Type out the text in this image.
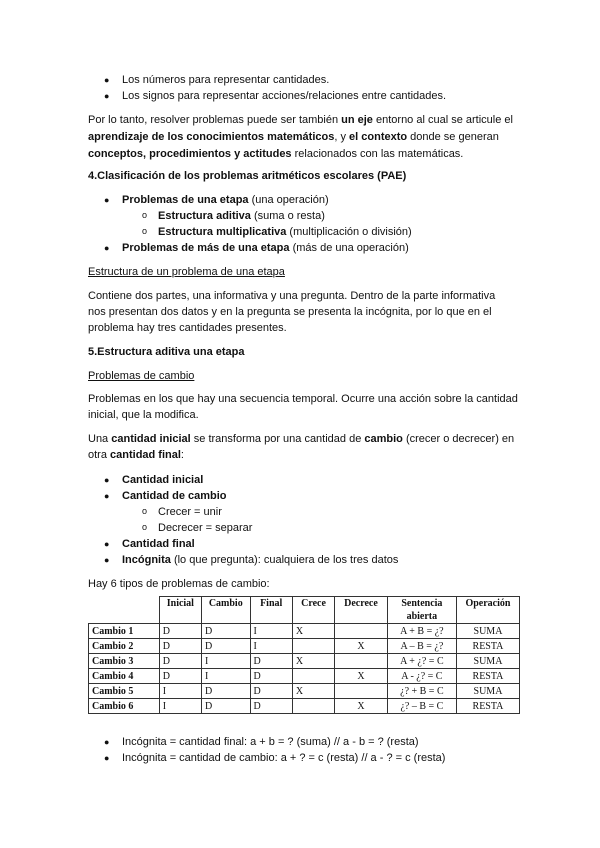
● Los números para representar cantidades.
● Los signos para representar acciones/relaciones entre cantidades.
Por lo tanto, resolver problemas puede ser también un eje entorno al cual se articule el
aprendizaje de los conocimientos matemáticos, y el contexto donde se generan
conceptos, procedimientos y actitudes relacionados con las matemáticas.
4.Clasificación de los problemas aritméticos escolares (PAE)
● Problemas de una etapa (una operación)
o Estructura aditiva (suma o resta)
o Estructura multiplicativa (multiplicación o división)
● Problemas de más de una etapa (más de una operación)
Estructura de un problema de una etapa
Contiene dos partes, una informativa y una pregunta. Dentro de la parte informativa
nos presentan dos datos y en la pregunta se presenta la incógnita, por lo que en el
problema hay tres cantidades presentes.
5.Estructura aditiva una etapa
Problemas de cambio
Problemas en los que hay una secuencia temporal. Ocurre una acción sobre la cantidad
inicial, que la modifica.
Una cantidad inicial se transforma por una cantidad de cambio (crecer o decrecer) en
otra cantidad final:
● Cantidad inicial
● Cantidad de cambio
o Crecer = unir
o Decrecer = separar
● Cantidad final
● Incógnita (lo que pregunta): cualquiera de los tres datos
Hay 6 tipos de problemas de cambio:
	Inicial	Cambio	Final	Crece	Decrece	Sentencia abierta	Operación
Cambio 1	D	D	I	X		A + B = ¿?	SUMA
Cambio 2	D	D	I		X	A – B = ¿?	RESTA
Cambio 3	D	I	D	X		A + ¿? = C	SUMA
Cambio 4	D	I	D		X	A - ¿? = C	RESTA
Cambio 5	I	D	D	X		¿? + B = C	SUMA
Cambio 6	I	D	D		X	¿? – B = C	RESTA
● Incógnita = cantidad final: a + b = ? (suma) // a - b = ? (resta)
● Incógnita = cantidad de cambio: a + ? = c (resta) // a - ? = c (resta)
